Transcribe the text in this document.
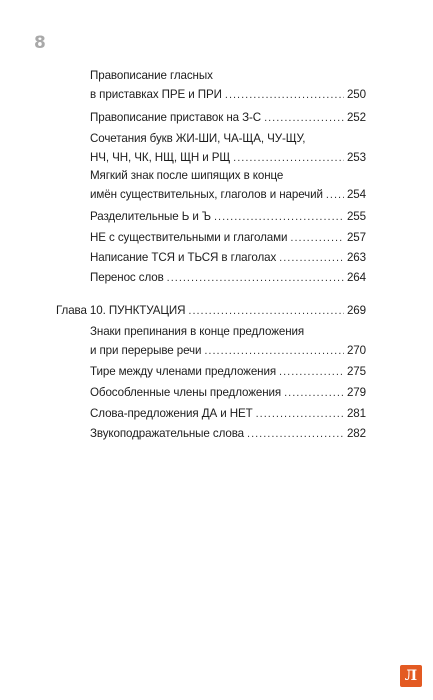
8
Правописание гласных
в приставках ПРЕ и ПРИ .....	250
Правописание приставок на З-С .....	252
Сочетания букв ЖИ-ШИ, ЧА-ЩА, ЧУ-ЩУ,
НЧ, ЧН, ЧК, НЩ, ЩН и РЩ .....	253
Мягкий знак после шипящих в конце
имён существительных, глаголов и наречий ..... 254
Разделительные Ь и Ъ .....	255
НЕ с существительными и глаголами .....	257
Написание ТСЯ и ТЬСЯ в глаголах .....	263
Перенос слов .....	264
Глава 10. ПУНКТУАЦИЯ .....	269
Знаки препинания в конце предложения
и при перерыве речи .....	270
Тире между членами предложения .....	275
Обособленные члены предложения .....	279
Слова-предложения ДА и НЕТ .....	281
Звукоподражательные слова .....	282
Л
